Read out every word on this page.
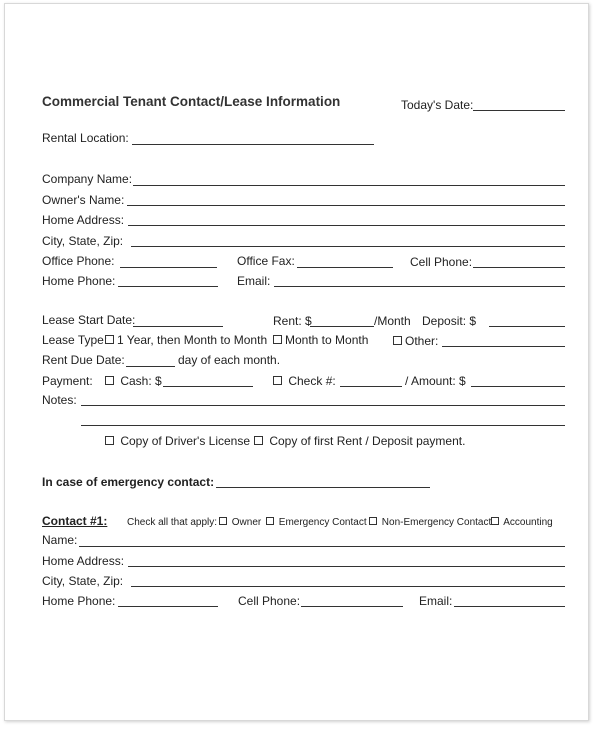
Commercial Tenant Contact/Lease Information	Today's Date:
Rental Location:
Company Name:
Owner's Name:
Home Address:
City, State, Zip:
Office Phone:	Office Fax:	Cell Phone:
Home Phone:	Email:
Lease Start Date:	Rent: $	/Month Deposit: $
Lease Type: 1 Year, then Month to Month	Month to Month	Other:
Rent Due Date:	day of each month.
Payment:	Cash: $	Check #:	/ Amount: $
Notes:
Copy of Driver's License	Copy of first Rent / Deposit payment.
In case of emergency contact:
Contact #1: Check all that apply:	Owner	Emergency Contact	Non-Emergency Contact	Accounting
Name:
Home Address:
City, State, Zip:
Home Phone:	Cell Phone:	Email:
